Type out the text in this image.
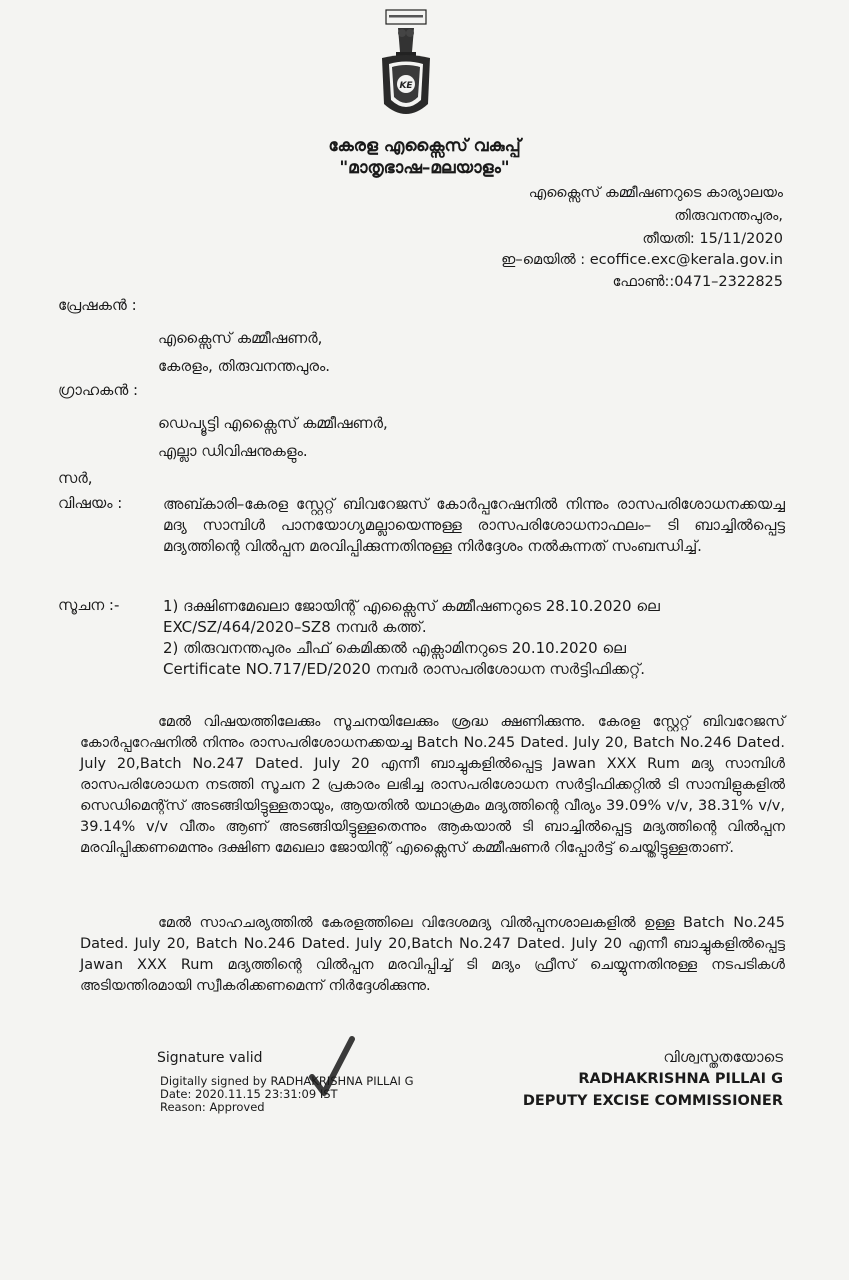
KE
കേരള എക്സൈസ് വകുപ്പ്
"മാതൃഭാഷ–മലയാളം"
എക്സൈസ് കമ്മീഷണറുടെ കാര്യാലയം
തിരുവനന്തപുരം,
തീയതി: 15/11/2020
ഇ–മെയിൽ : ecoffice.exc@kerala.gov.in
ഫോൺ::0471–2322825
പ്രേഷകൻ :
എക്സൈസ് കമ്മീഷണർ,
കേരളം, തിരുവനന്തപുരം.
ഗ്രാഹകൻ :
ഡെപ്യൂട്ടി എക്സൈസ് കമ്മീഷണർ,
എല്ലാ ഡിവിഷനുകളും.
സർ,
വിഷയം :	അബ്കാരി–കേരള സ്റ്റേറ്റ് ബിവറേജസ് കോർപ്പറേഷനിൽ നിന്നും രാസപരിശോധനക്കയച്ച മദ്യ സാമ്പിൾ പാനയോഗ്യമല്ലായെന്നുള്ള രാസപരിശോധനാഫലം– ടി ബാച്ചിൽപ്പെട്ട മദ്യത്തിന്റെ വിൽപ്പന മരവിപ്പിക്കുന്നതിനുള്ള നിർദ്ദേശം നൽകുന്നത് സംബന്ധിച്ച്.
സൂചന :-	1) ദക്ഷിണമേഖലാ ജോയിന്റ് എക്സൈസ് കമ്മീഷണറുടെ 28.10.2020 ലെ
EXC/SZ/464/2020–SZ8 നമ്പർ കത്ത്.
2) തിരുവനന്തപുരം ചീഫ് കെമിക്കൽ എക്സാമിനറുടെ 20.10.2020 ലെ
Certificate NO.717/ED/2020 നമ്പർ രാസപരിശോധന സർട്ടിഫിക്കറ്റ്.
മേൽ വിഷയത്തിലേക്കും സൂചനയിലേക്കും ശ്രദ്ധ ക്ഷണിക്കുന്നു. കേരള സ്റ്റേറ്റ് ബിവറേജസ് കോർപ്പറേഷനിൽ നിന്നും രാസപരിശോധനക്കയച്ച Batch No.245 Dated. July 20, Batch No.246 Dated. July 20,Batch No.247 Dated. July 20 എന്നീ ബാച്ചുകളിൽപ്പെട്ട Jawan XXX Rum മദ്യ സാമ്പിൾ രാസപരിശോധന നടത്തി സൂചന 2 പ്രകാരം ലഭിച്ച രാസപരിശോധന സർട്ടിഫിക്കറ്റിൽ ടി സാമ്പിളുകളിൽ സെഡിമെന്റ്സ് അടങ്ങിയിട്ടുള്ളതായും, ആയതിൽ യഥാക്രമം മദ്യത്തിന്റെ വീര്യം 39.09% v/v, 38.31% v/v, 39.14% v/v വീതം ആണ് അടങ്ങിയിട്ടുള്ളതെന്നും ആകയാൽ ടി ബാച്ചിൽപ്പെട്ട മദ്യത്തിന്റെ വിൽപ്പന മരവിപ്പിക്കണമെന്നും ദക്ഷിണ മേഖലാ ജോയിന്റ് എക്സൈസ് കമ്മീഷണർ റിപ്പോർട്ട് ചെയ്തിട്ടുള്ളതാണ്.
മേൽ സാഹചര്യത്തിൽ കേരളത്തിലെ വിദേശമദ്യ വിൽപ്പനശാലകളിൽ ഉള്ള Batch No.245 Dated. July 20, Batch No.246 Dated. July 20,Batch No.247 Dated. July 20 എന്നീ ബാച്ചുകളിൽപ്പെട്ട Jawan XXX Rum മദ്യത്തിന്റെ വിൽപ്പന മരവിപ്പിച്ച് ടി മദ്യം ഫ്രീസ് ചെയ്യുന്നതിനുള്ള നടപടികൾ അടിയന്തിരമായി സ്വീകരിക്കണമെന്ന് നിർദ്ദേശിക്കുന്നു.
Signature valid
Digitally signed by RADHAKRISHNA PILLAI G
Date: 2020.11.15 23:31:09 IST
Reason: Approved
വിശ്വസ്തതയോടെ
RADHAKRISHNA PILLAI G
DEPUTY EXCISE COMMISSIONER
